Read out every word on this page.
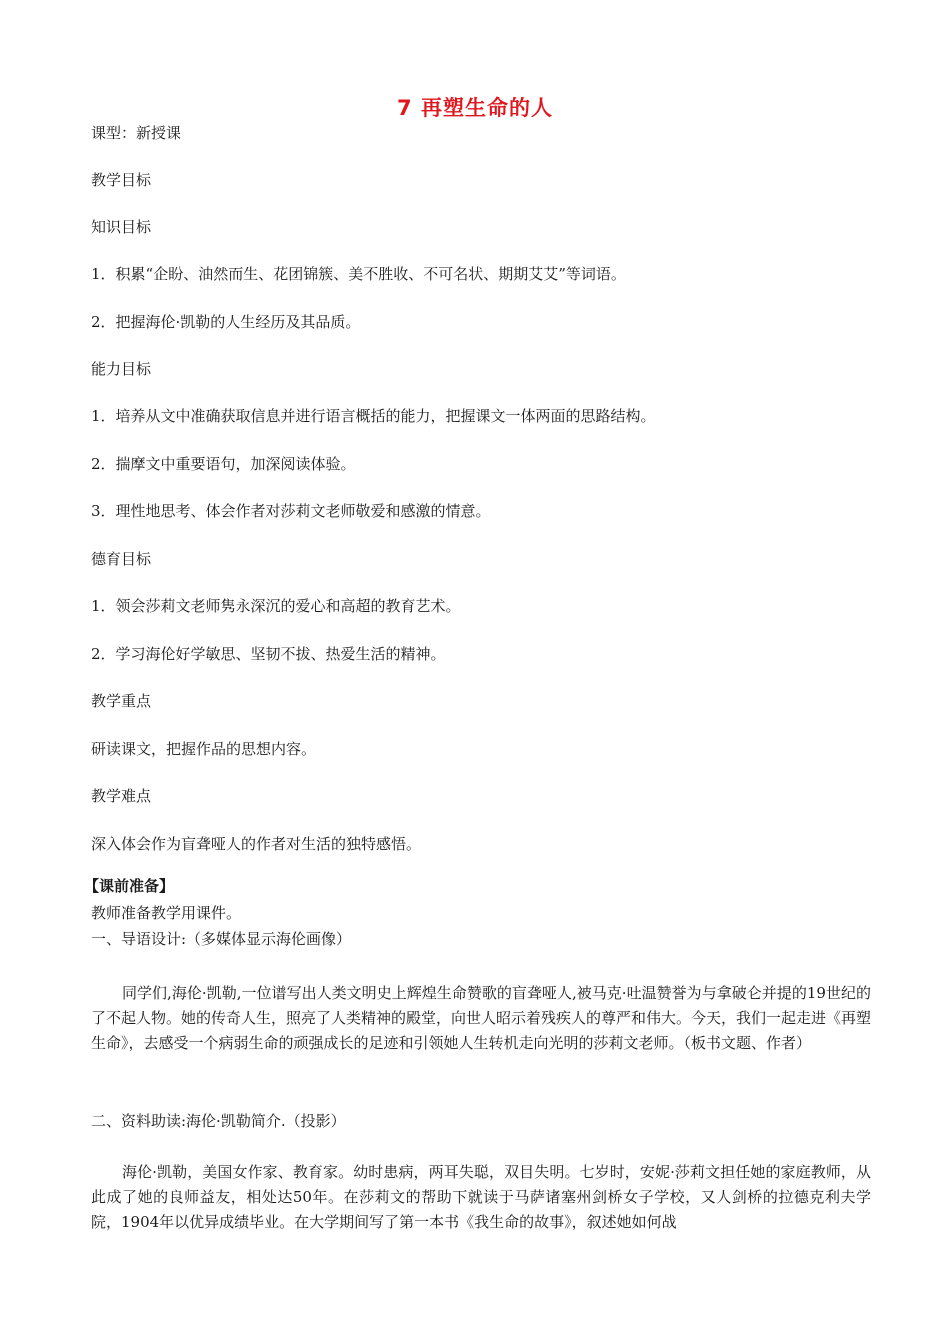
7 再塑生命的人
课型：新授课
教学目标
知识目标
1．积累“企盼、油然而生、花团锦簇、美不胜收、不可名状、期期艾艾”等词语。
2．把握海伦·凯勒的人生经历及其品质。
能力目标
1．培养从文中准确获取信息并进行语言概括的能力，把握课文一体两面的思路结构。
2．揣摩文中重要语句，加深阅读体验。
3．理性地思考、体会作者对莎莉文老师敬爱和感激的情意。
德育目标
1．领会莎莉文老师隽永深沉的爱心和高超的教育艺术。
2．学习海伦好学敏思、坚韧不拔、热爱生活的精神。
教学重点
研读课文，把握作品的思想内容。
教学难点
深入体会作为盲聋哑人的作者对生活的独特感悟。
【课前准备】
教师准备教学用课件。
一、导语设计:（多媒体显示海伦画像）
同学们,海伦·凯勒,一位谱写出人类文明史上辉煌生命赞歌的盲聋哑人,被马克·吐温赞誉为与拿破仑并提的19世纪的了不起人物。她的传奇人生，照亮了人类精神的殿堂，向世人昭示着残疾人的尊严和伟大。今天，我们一起走进《再塑生命》，去感受一个病弱生命的顽强成长的足迹和引领她人生转机走向光明的莎莉文老师。（板书文题、作者）
二、资料助读:海伦·凯勒简介.（投影）
海伦·凯勒，美国女作家、教育家。幼时患病，两耳失聪，双目失明。七岁时，安妮·莎莉文担任她的家庭教师，从此成了她的良师益友，相处达50年。在莎莉文的帮助下就读于马萨诸塞州剑桥女子学校，又人剑桥的拉德克利夫学院，1904年以优异成绩毕业。在大学期间写了第一本书《我生命的故事》，叙述她如何战
